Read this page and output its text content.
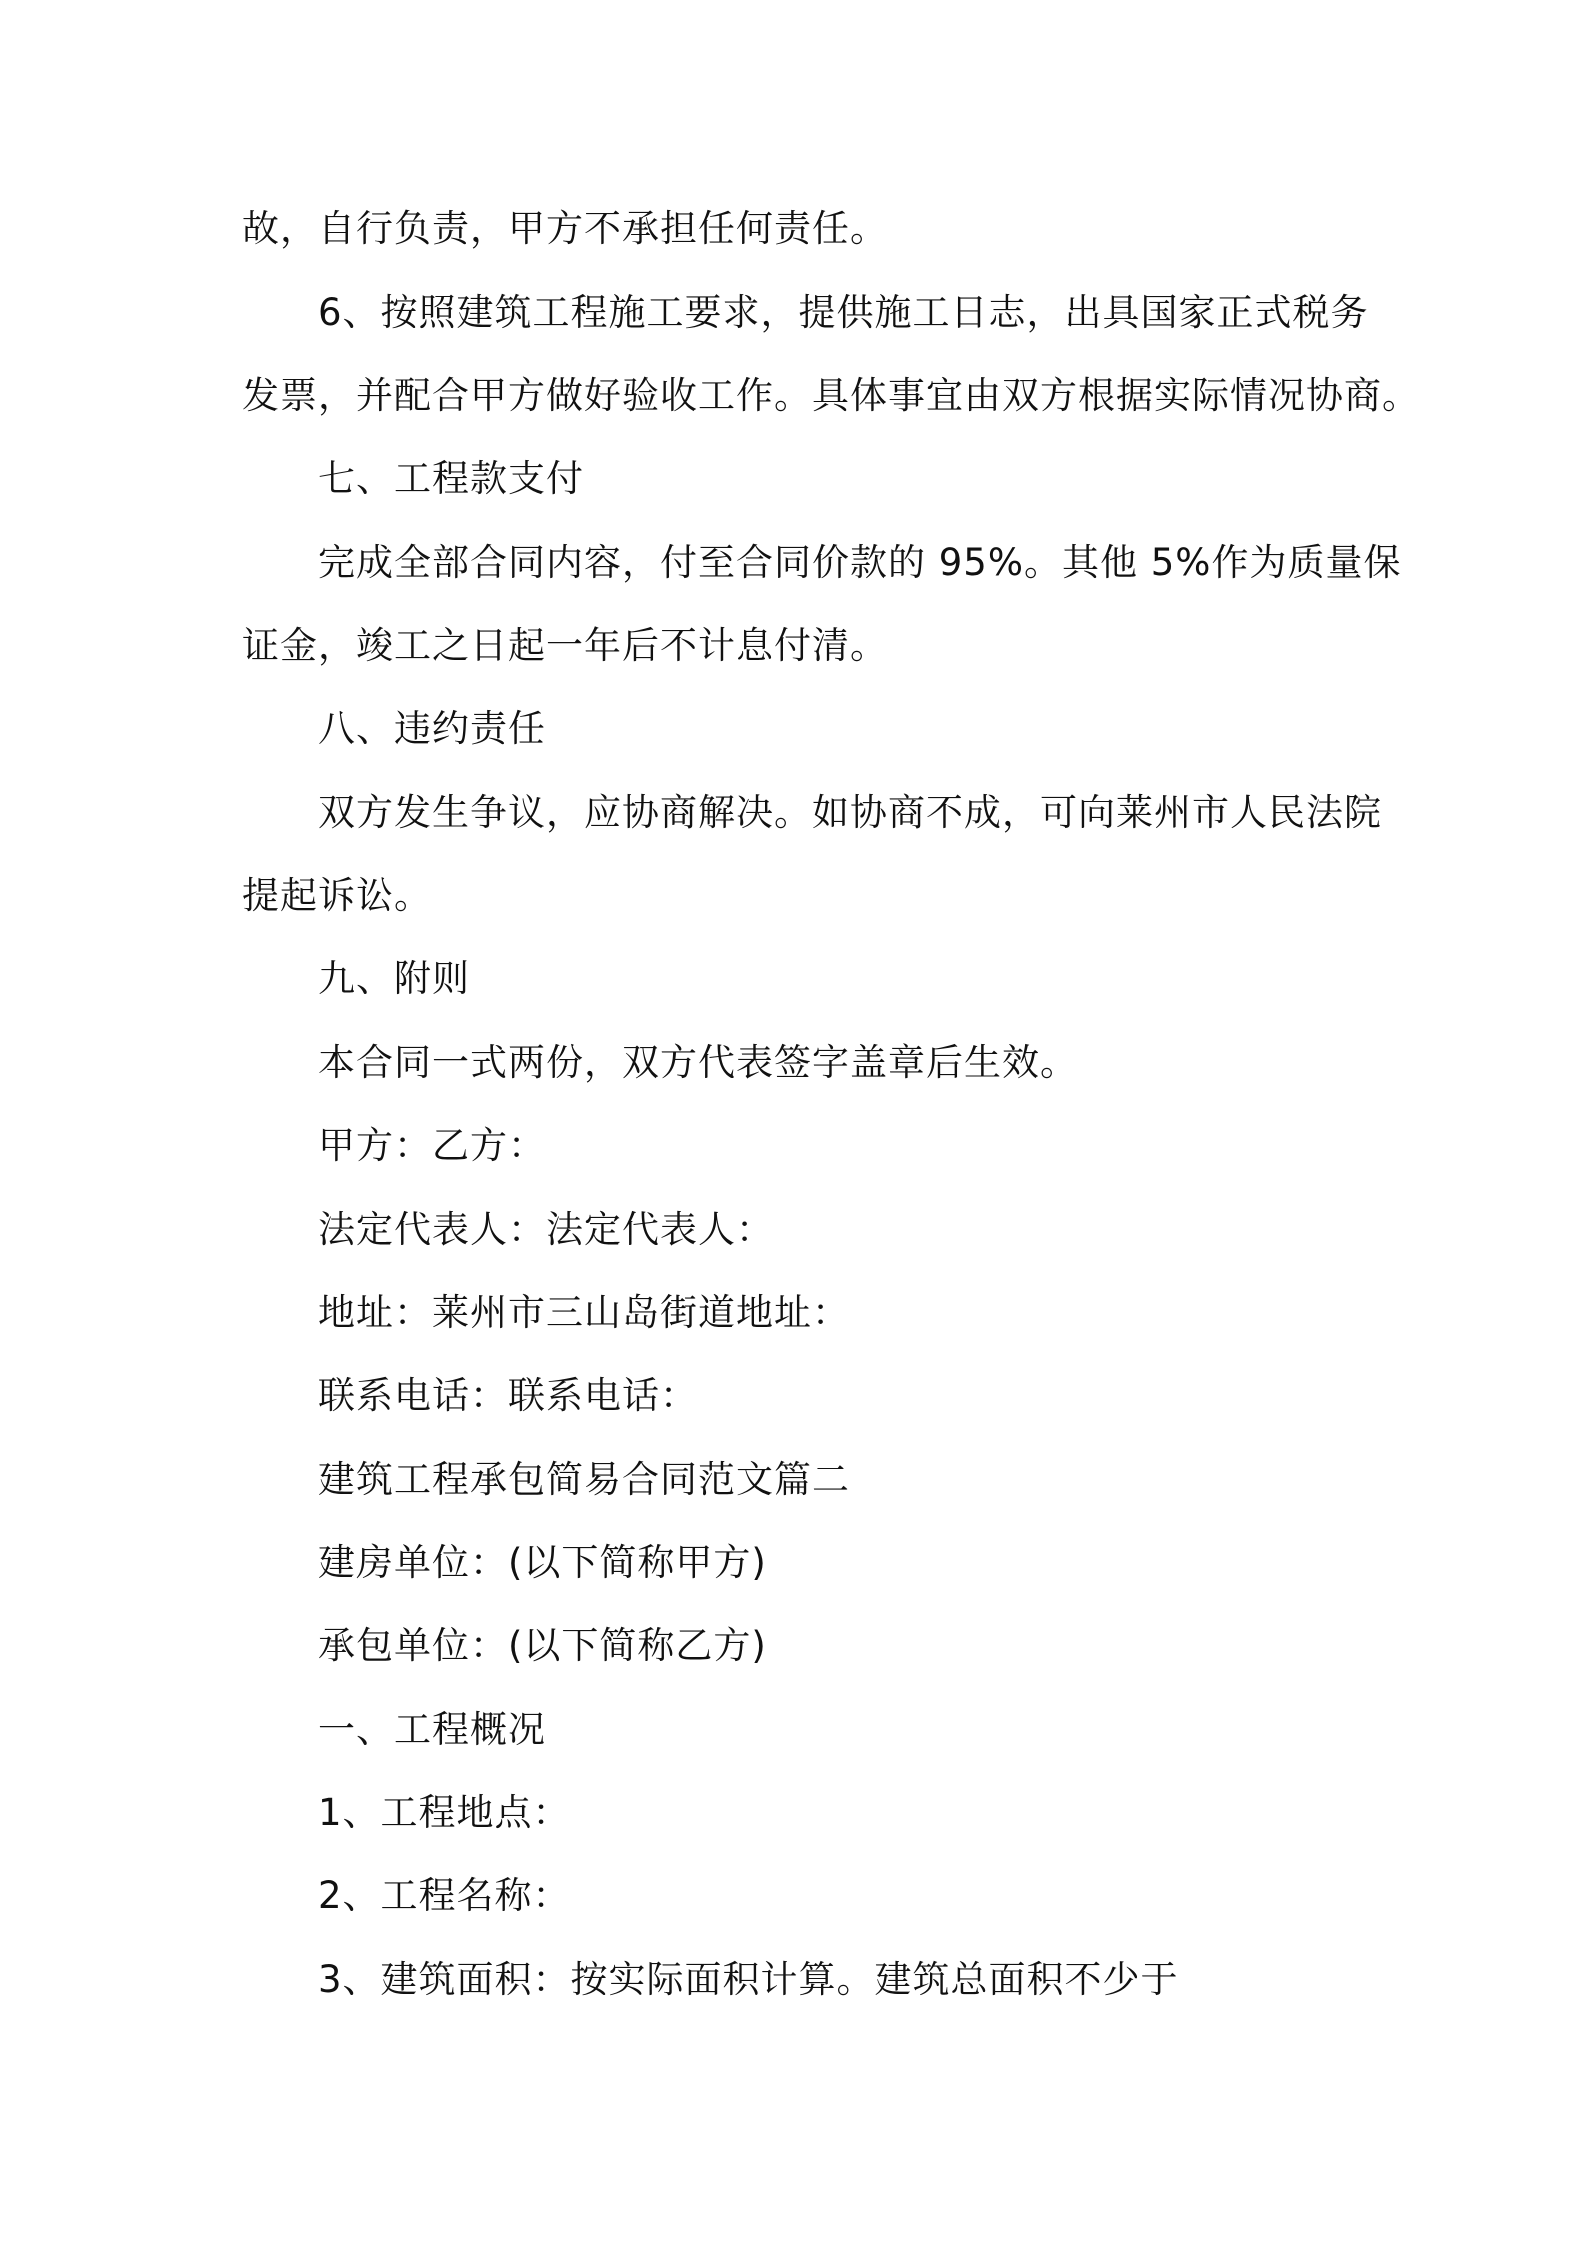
故，自行负责，甲方不承担任何责任。
6、按照建筑工程施工要求，提供施工日志，出具国家正式税务
发票，并配合甲方做好验收工作。具体事宜由双方根据实际情况协商。
七、工程款支付
完成全部合同内容，付至合同价款的 95%。其他 5%作为质量保
证金，竣工之日起一年后不计息付清。
八、违约责任
双方发生争议，应协商解决。如协商不成，可向莱州市人民法院
提起诉讼。
九、附则
本合同一式两份，双方代表签字盖章后生效。
甲方：乙方：
法定代表人：法定代表人：
地址：莱州市三山岛街道地址：
联系电话：联系电话：
建筑工程承包简易合同范文篇二
建房单位：(以下简称甲方)
承包单位：(以下简称乙方)
一、工程概况
1、工程地点：
2、工程名称：
3、建筑面积：按实际面积计算。建筑总面积不少于
